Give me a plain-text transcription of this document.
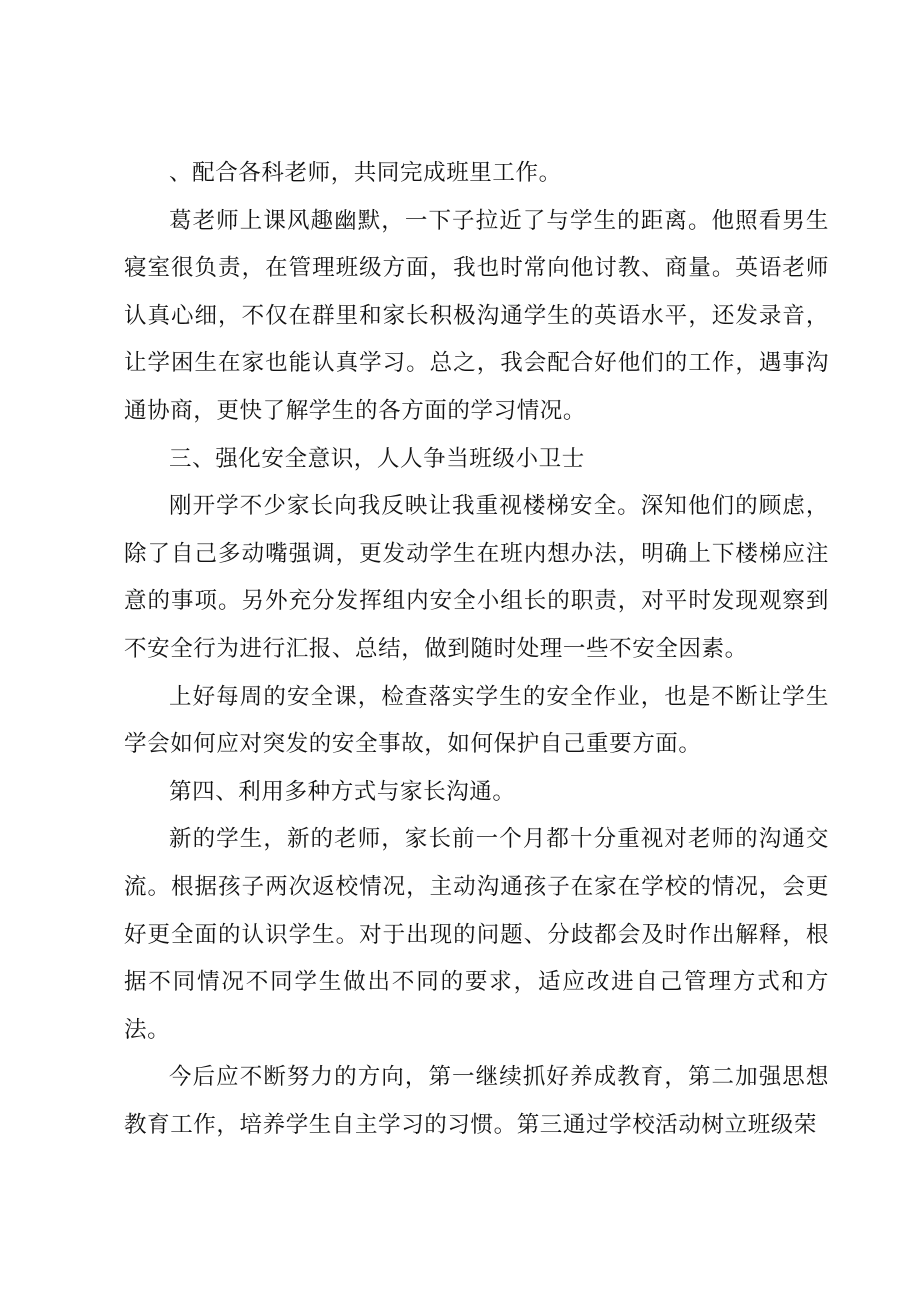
、配合各科老师，共同完成班里工作。

葛老师上课风趣幽默，一下子拉近了与学生的距离。他照看男生寝室很负责，在管理班级方面，我也时常向他讨教、商量。英语老师认真心细，不仅在群里和家长积极沟通学生的英语水平，还发录音，让学困生在家也能认真学习。总之，我会配合好他们的工作，遇事沟通协商，更快了解学生的各方面的学习情况。

三、强化安全意识，人人争当班级小卫士

刚开学不少家长向我反映让我重视楼梯安全。深知他们的顾虑，除了自己多动嘴强调，更发动学生在班内想办法，明确上下楼梯应注意的事项。另外充分发挥组内安全小组长的职责，对平时发现观察到不安全行为进行汇报、总结，做到随时处理一些不安全因素。

上好每周的安全课，检查落实学生的安全作业，也是不断让学生学会如何应对突发的安全事故，如何保护自己重要方面。

第四、利用多种方式与家长沟通。

新的学生，新的老师，家长前一个月都十分重视对老师的沟通交流。根据孩子两次返校情况，主动沟通孩子在家在学校的情况，会更好更全面的认识学生。对于出现的问题、分歧都会及时作出解释，根据不同情况不同学生做出不同的要求，适应改进自己管理方式和方法。

今后应不断努力的方向，第一继续抓好养成教育，第二加强思想教育工作，培养学生自主学习的习惯。第三通过学校活动树立班级荣
